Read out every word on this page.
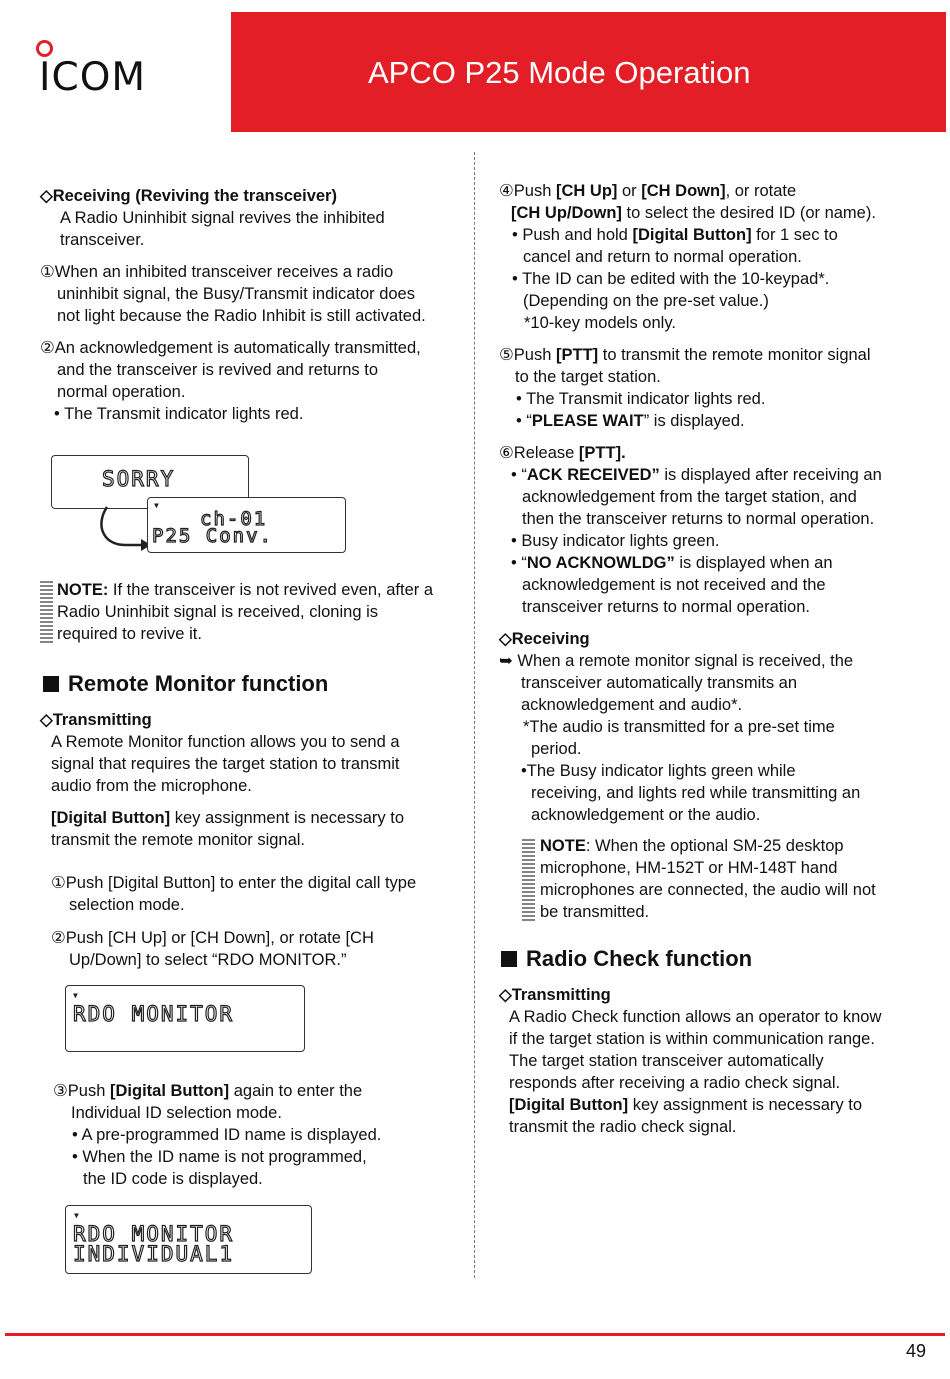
ICOM	APCO P25 Mode Operation
◇Receiving (Reviving the transceiver)
A Radio Uninhibit signal revives the inhibited
transceiver.
①When an inhibited transceiver receives a radio
uninhibit signal, the Busy/Transmit indicator does
not light because the Radio Inhibit is still activated.
②An acknowledgement is automatically transmitted,
and the transceiver is revived and returns to
normal operation.
• The Transmit indicator lights red.
SORRY
▼
ch-01
P25 Conv.
NOTE: If the transceiver is not revived even, after a
Radio Uninhibit signal is received, cloning is
required to revive it.
Remote Monitor function
◇Transmitting
A Remote Monitor function allows you to send a
signal that requires the target station to transmit
audio from the microphone.
[Digital Button] key assignment is necessary to
transmit the remote monitor signal.
①Push [Digital Button] to enter the digital call type
selection mode.
②Push [CH Up] or [CH Down], or rotate [CH
Up/Down] to select “RDO MONITOR.”
▼
RDO MONITOR
③Push [Digital Button] again to enter the
Individual ID selection mode.
• A pre-programmed ID name is displayed.
• When the ID name is not programmed,
the ID code is displayed.
▼
RDO MONITOR
INDIVIDUAL1
④Push [CH Up] or [CH Down], or rotate
[CH Up/Down] to select the desired ID (or name).
• Push and hold [Digital Button] for 1 sec to
cancel and return to normal operation.
• The ID can be edited with the 10-keypad*.
(Depending on the pre-set value.)
*10-key models only.
⑤Push [PTT] to transmit the remote monitor signal
to the target station.
• The Transmit indicator lights red.
• “PLEASE WAIT” is displayed.
⑥Release [PTT].
• “ACK RECEIVED” is displayed after receiving an
acknowledgement from the target station, and
then the transceiver returns to normal operation.
• Busy indicator lights green.
• “NO ACKNOWLDG” is displayed when an
acknowledgement is not received and the
transceiver returns to normal operation.
◇Receiving
➥ When a remote monitor signal is received, the
transceiver automatically transmits an
acknowledgement and audio*.
*The audio is transmitted for a pre-set time
period.
•The Busy indicator lights green while
receiving, and lights red while transmitting an
acknowledgement or the audio.
NOTE: When the optional SM-25 desktop
microphone, HM-152T or HM-148T hand
microphones are connected, the audio will not
be transmitted.
Radio Check function
◇Transmitting
A Radio Check function allows an operator to know
if the target station is within communication range.
The target station transceiver automatically
responds after receiving a radio check signal.
[Digital Button] key assignment is necessary to
transmit the radio check signal.
49
